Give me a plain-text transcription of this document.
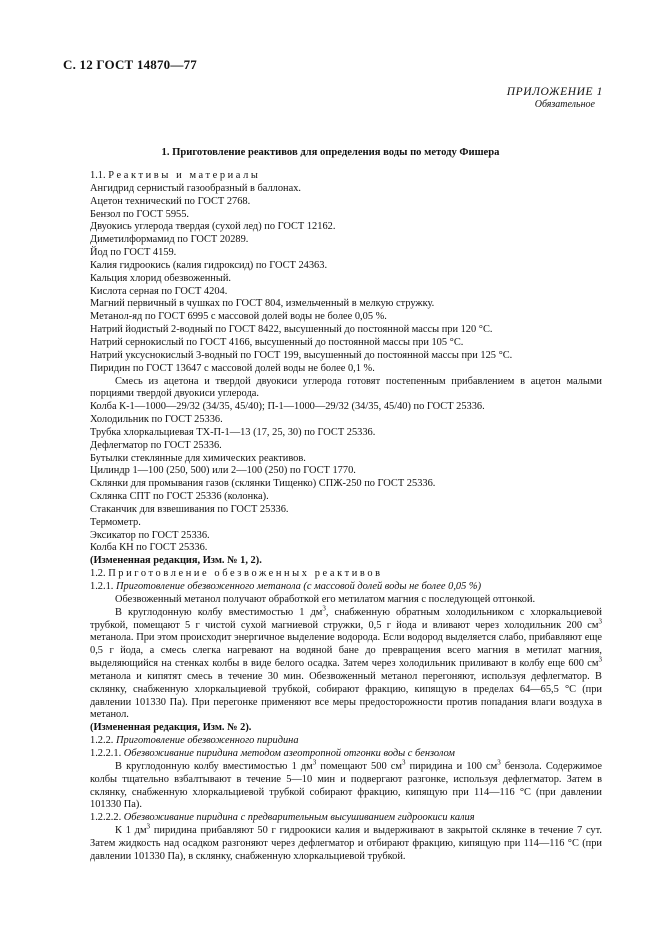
С. 12 ГОСТ 14870—77
ПРИЛОЖЕНИЕ 1
Обязательное
1. Приготовление реактивов для определения воды по методу Фишера

1.1. Реактивы и материалы

Ангидрид сернистый газообразный в баллонах.

Ацетон технический по ГОСТ 2768.

Бензол по ГОСТ 5955.

Двуокись углерода твердая (сухой лед) по ГОСТ 12162.

Диметилформамид по ГОСТ 20289.

Йод по ГОСТ 4159.

Калия гидроокись (калия гидроксид) по ГОСТ 24363.

Кальция хлорид обезвоженный.

Кислота серная по ГОСТ 4204.

Магний первичный в чушках по ГОСТ 804, измельченный в мелкую стружку.

Метанол-яд по ГОСТ 6995 с массовой долей воды не более 0,05 %.

Натрий йодистый 2-водный по ГОСТ 8422, высушенный до постоянной массы при 120 °С.

Натрий сернокислый по ГОСТ 4166, высушенный до постоянной массы при 105 °С.

Натрий уксуснокислый 3-водный по ГОСТ 199, высушенный до постоянной массы при 125 °С.

Пиридин по ГОСТ 13647 с массовой долей воды не более 0,1 %.

Смесь из ацетона и твердой двуокиси углерода готовят постепенным прибавлением в ацетон малыми порциями твердой двуокиси углерода.

Колба К-1—1000—29/32 (34/35, 45/40); П-1—1000—29/32 (34/35, 45/40) по ГОСТ 25336.

Холодильник по ГОСТ 25336.

Трубка хлоркальциевая ТХ-П-1—13 (17, 25, 30) по ГОСТ 25336.

Дефлегматор по ГОСТ 25336.

Бутылки стеклянные для химических реактивов.

Цилиндр 1—100 (250, 500) или 2—100 (250) по ГОСТ 1770.

Склянки для промывания газов (склянки Тищенко) СПЖ-250 по ГОСТ 25336.

Склянка СПТ по ГОСТ 25336 (колонка).

Стаканчик для взвешивания по ГОСТ 25336.

Термометр.

Эксикатор по ГОСТ 25336.

Колба КН по ГОСТ 25336.

(Измененная редакция, Изм. № 1, 2).

1.2. Приготовление обезвоженных реактивов

1.2.1. Приготовление обезвоженного метанола (с массовой долей воды не более 0,05 %)

Обезвоженный метанол получают обработкой его метилатом магния с последующей отгонкой.

В круглодонную колбу вместимостью 1 $дм^3$, снабженную обратным холодильником с хлоркальциевой трубкой, помещают 5 г чистой сухой магниевой стружки, 0,5 г йода и вливают через холодильник 200 $см^3$ метанола. При этом происходит энергичное выделение водорода. Если водород выделяется слабо, прибавляют еще 0,5 г йода, а смесь слегка нагревают на водяной бане до превращения всего магния в метилат магния, выделяющийся на стенках колбы в виде белого осадка. Затем через холодильник приливают в колбу еще 600 $см^3$ метанола и кипятят смесь в течение 30 мин. Обезвоженный метанол перегоняют, используя дефлегматор. В склянку, снабженную хлоркальциевой трубкой, собирают фракцию, кипящую в пределах 64—65,5 °С (при давлении 101330 Па). При перегонке применяют все меры предосторожности против попадания влаги воздуха в метанол.

(Измененная редакция, Изм. № 2).

1.2.2. Приготовление обезвоженного пиридина

1.2.2.1. Обезвоживание пиридина методом азеотропной отгонки воды с бензолом

В круглодонную колбу вместимостью 1 $дм^3$ помещают 500 $см^3$ пиридина и 100 $см^3$ бензола. Содержимое колбы тщательно взбалтывают в течение 5—10 мин и подвергают разгонке, используя дефлегматор. Затем в склянку, снабженную хлоркальциевой трубкой собирают фракцию, кипящую при 114—116 °С (при давлении 101330 Па).

1.2.2.2. Обезвоживание пиридина с предварительным высушиванием гидроокиси калия

К 1 $дм^3$ пиридина прибавляют 50 г гидроокиси калия и выдерживают в закрытой склянке в течение 7 сут. Затем жидкость над осадком разгоняют через дефлегматор и отбирают фракцию, кипящую при 114—116 °С (при давлении 101330 Па), в склянку, снабженную хлоркальциевой трубкой.
